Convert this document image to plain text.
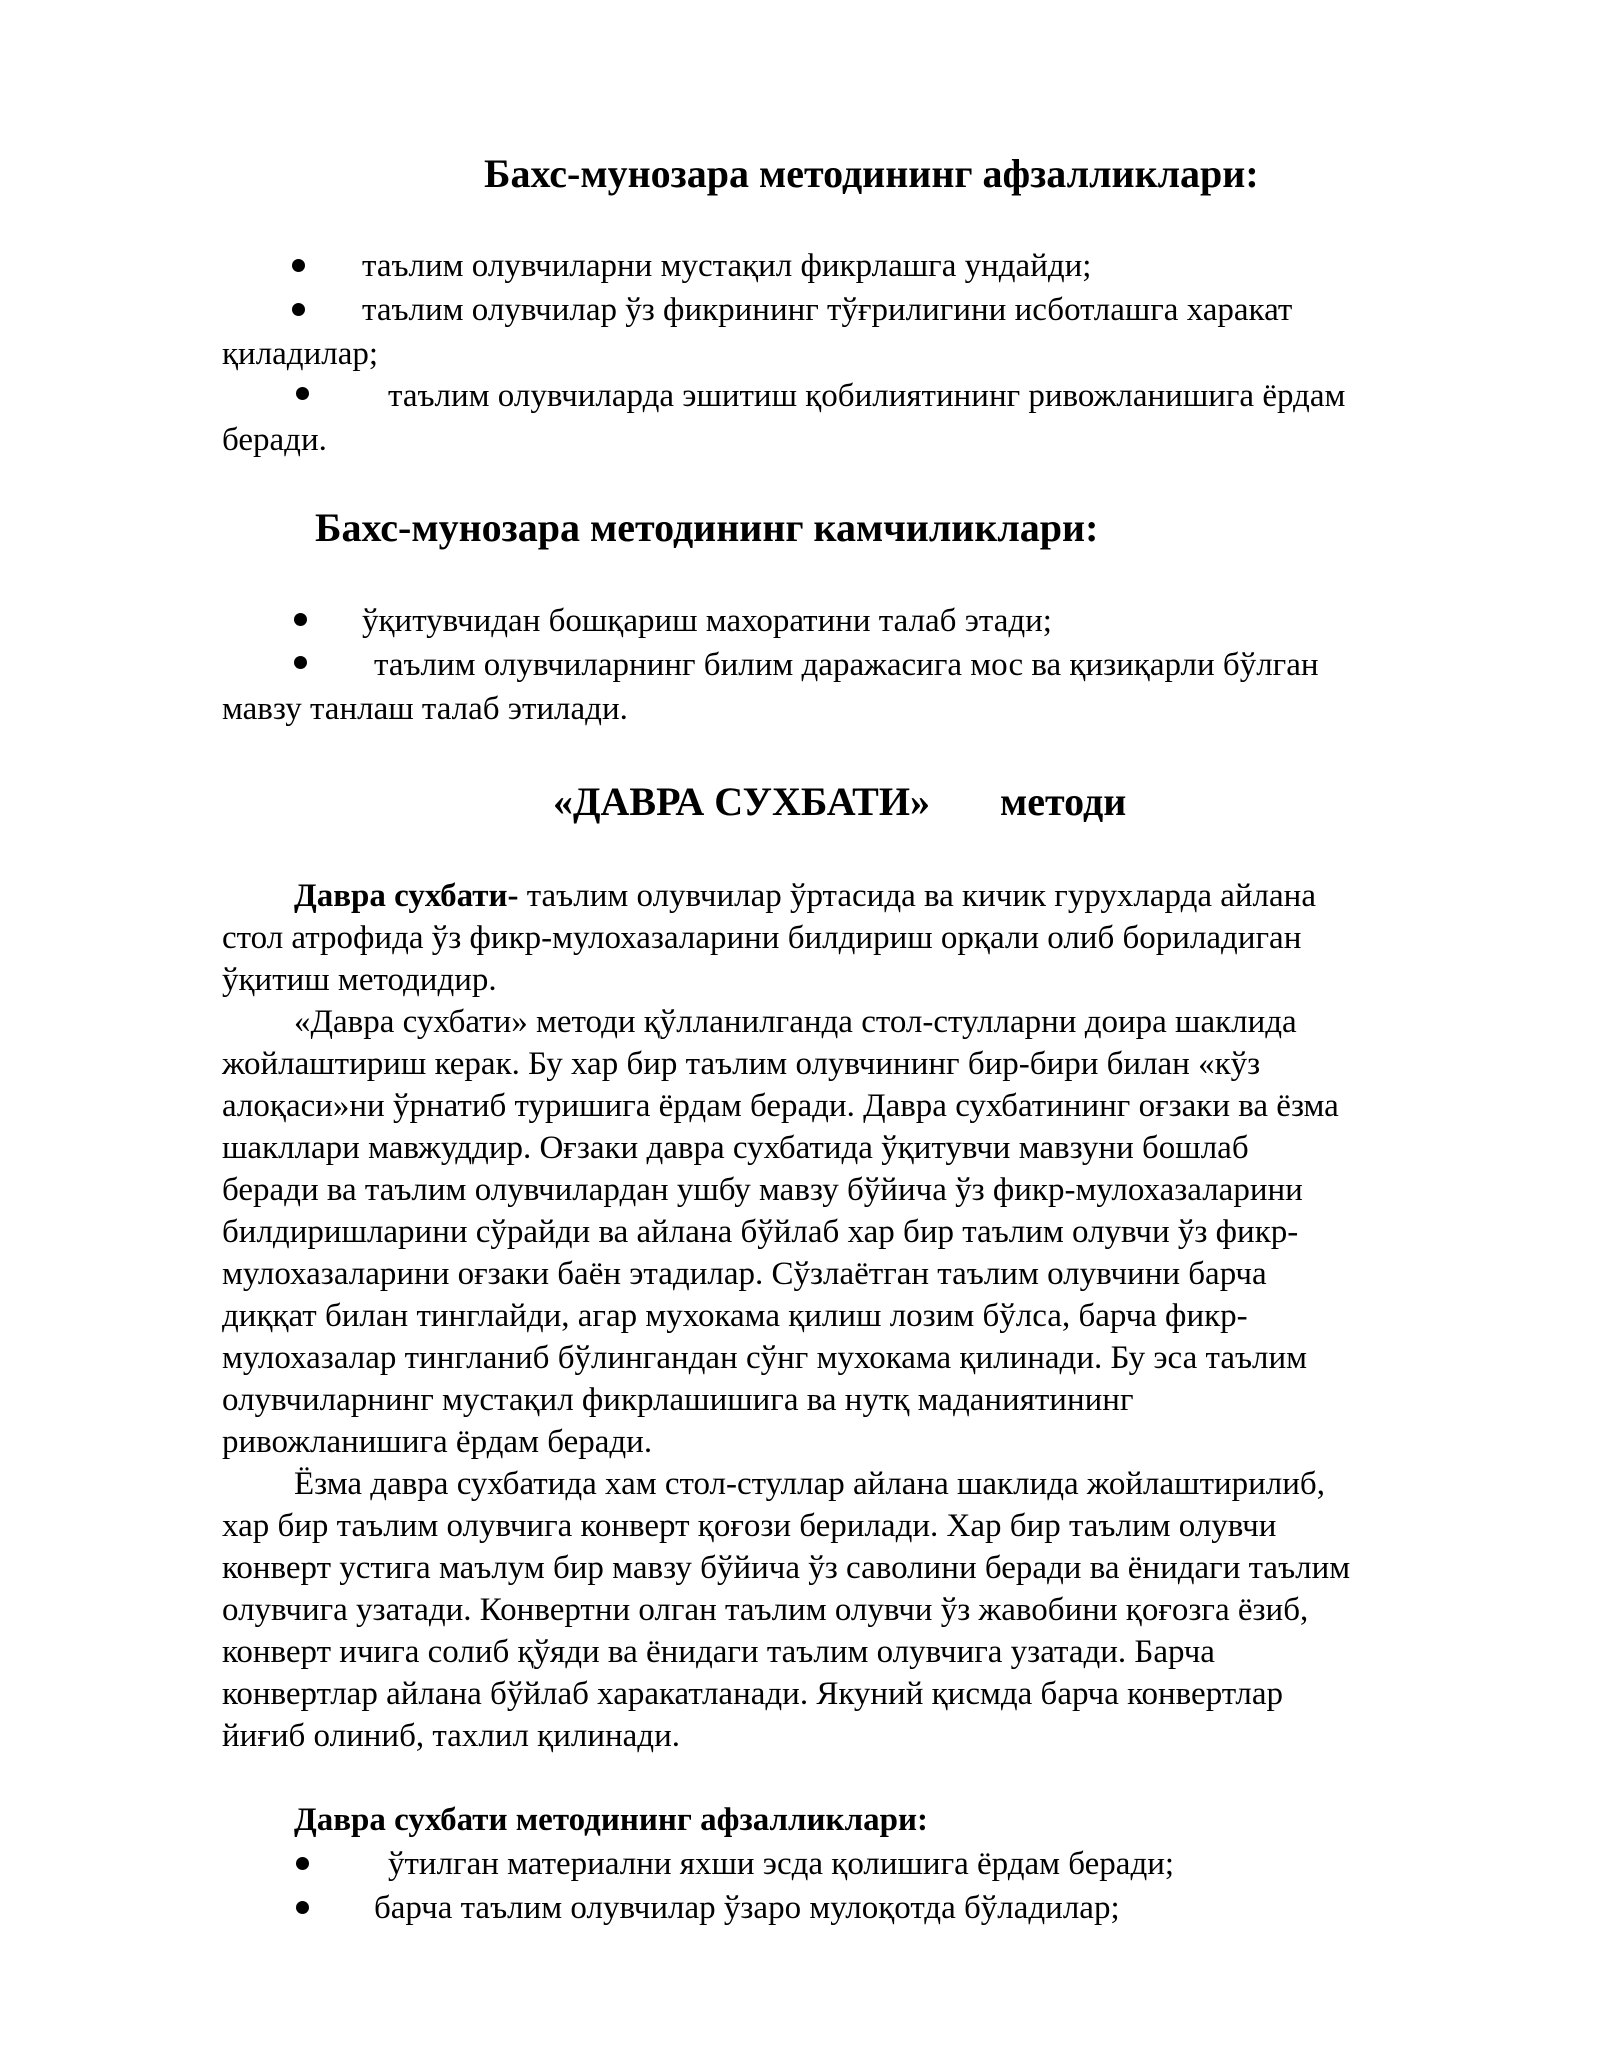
Бахс-мунозара методининг афзалликлари:
таълим олувчиларни мустақил фикрлашга ундайди;
таълим олувчилар ўз фикрининг тўғрилигини исботлашга харакат
қиладилар;
таълим олувчиларда эшитиш қобилиятининг ривожланишига ёрдам
беради.
Бахс-мунозара методининг камчиликлари:
ўқитувчидан бошқариш махоратини талаб этади;
таълим олувчиларнинг билим даражасига мос ва қизиқарли бўлган
мавзу танлаш талаб этилади.
«ДАВРА СУХБАТИ» методи
Давра сухбати- таълим олувчилар ўртасида ва кичик гурухларда айлана
стол атрофида ўз фикр-мулохазаларини билдириш орқали олиб бориладиган
ўқитиш методидир.
«Давра сухбати» методи қўлланилганда стол-стулларни доира шаклида
жойлаштириш керак. Бу хар бир таълим олувчининг бир-бири билан «кўз
алоқаси»ни ўрнатиб туришига ёрдам беради. Давра сухбатининг оғзаки ва ёзма
шакллари мавжуддир. Оғзаки давра сухбатида ўқитувчи мавзуни бошлаб
беради ва таълим олувчилардан ушбу мавзу бўйича ўз фикр-мулохазаларини
билдиришларини сўрайди ва айлана бўйлаб хар бир таълим олувчи ўз фикр-
мулохазаларини оғзаки баён этадилар. Сўзлаётган таълим олувчини барча
диққат билан тинглайди, агар мухокама қилиш лозим бўлса, барча фикр-
мулохазалар тингланиб бўлингандан сўнг мухокама қилинади. Бу эса таълим
олувчиларнинг мустақил фикрлашишига ва нутқ маданиятининг
ривожланишига ёрдам беради.
Ёзма давра сухбатида хам стол-стуллар айлана шаклида жойлаштирилиб,
хар бир таълим олувчига конверт қоғози берилади. Хар бир таълим олувчи
конверт устига маълум бир мавзу бўйича ўз саволини беради ва ёнидаги таълим
олувчига узатади. Конвертни олган таълим олувчи ўз жавобини қоғозга ёзиб,
конверт ичига солиб қўяди ва ёнидаги таълим олувчига узатади. Барча
конвертлар айлана бўйлаб харакатланади. Якуний қисмда барча конвертлар
йиғиб олиниб, тахлил қилинади.
Давра сухбати методининг афзалликлари:
ўтилган материални яхши эсда қолишига ёрдам беради;
барча таълим олувчилар ўзаро мулоқотда бўладилар;
